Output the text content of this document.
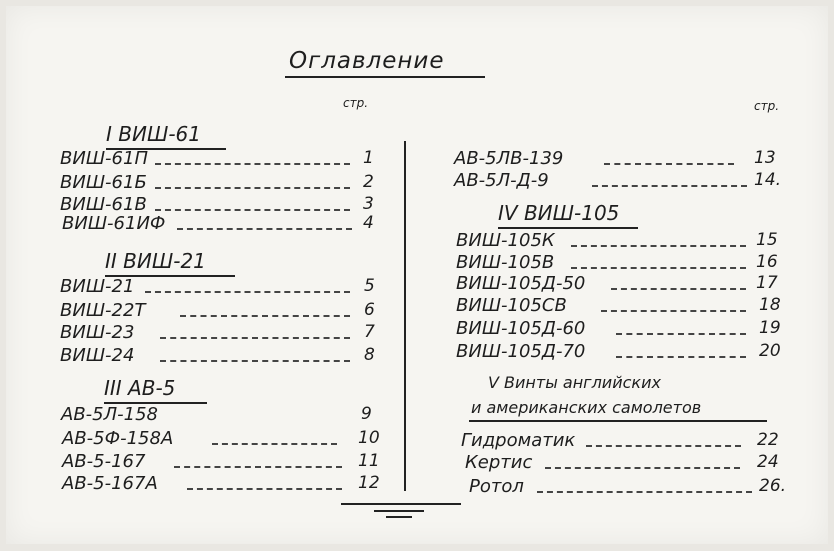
Оглавление
стр.	стр.
I ВИШ-61
ВИШ-61П	1
ВИШ-61Б	2
ВИШ-61В	3
ВИШ-61ИФ	4
II ВИШ-21
ВИШ-21	5
ВИШ-22Т	6
ВИШ-23	7
ВИШ-24	8
III АВ-5
АВ-5Л-158	9
АВ-5Ф-158А	10
АВ-5-167	11
АВ-5-167А	12
АВ-5ЛВ-139	13
АВ-5Л-Д-9	14.
IV ВИШ-105
ВИШ-105К	15
ВИШ-105В	16
ВИШ-105Д-50	17
ВИШ-105СВ	18
ВИШ-105Д-60	19
ВИШ-105Д-70	20
V Винты английских
и американских самолетов
Гидроматик	22
Кертис	24
Ротол	26.
